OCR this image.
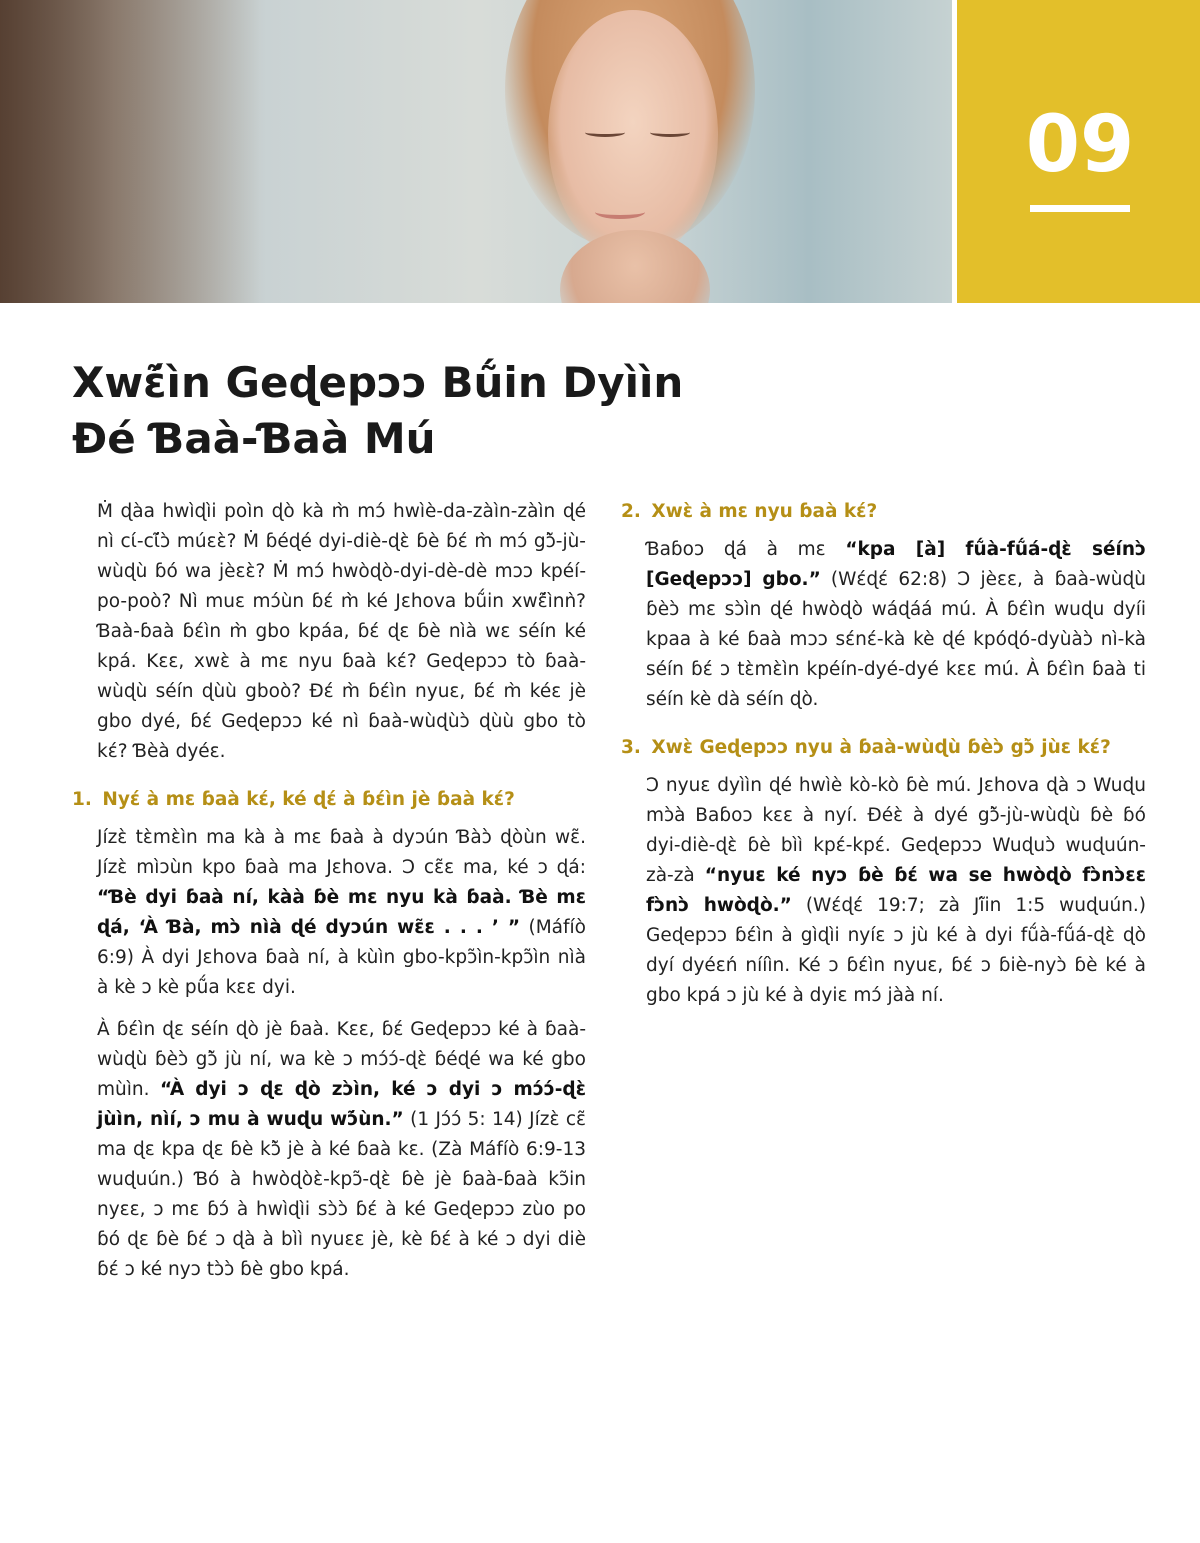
09
Xwɛ̃́ìn Geɖepɔɔ Bṹin Dyììn
Ɖé Ɓaà-Ɓaà Mú

Ṁ ɖàa hwìɖìi poìn ɖò kà m̀ mɔ́ hwìè-da-zàìn-zàìn ɖé nì cɩ́-cɩ̃́ɔ̀ múɛɛ̀? Ṁ ɓéɖé dyi-diè-ɖɛ̀ ɓè ɓɛ́ m̀ mɔ́ gɔ̃̀-jù-wùɖù ɓó wa jèɛɛ̀? Ṁ mɔ́ hwòɖò-dyi-dè-dè mɔɔ kpéí-po-poò? Nì muɛ mɔ́ùn ɓɛ́ m̀ ké Jɛhova bṹin xwɛ̃́ìnǹ? Ɓaà-ɓaà ɓɛ́ìn m̀ gbo kpáa, ɓɛ́ ɖɛ ɓè nìà wɛ séín ké kpá. Kɛɛ, xwɛ̀ à mɛ nyu ɓaà kɛ́? Geɖepɔɔ tò ɓaà-wùɖù séín ɖùù gboò? Ɖɛ́ m̀ ɓɛ́ìn nyuɛ, ɓɛ́ m̀ kéɛ jè gbo dyé, ɓɛ́ Geɖepɔɔ ké nì ɓaà-wùɖùɔ̀ ɖùù gbo tò kɛ́? Ɓèà dyéɛ.

1. Nyɛ́ à mɛ ɓaà kɛ́, ké ɖɛ́ à ɓɛ́ìn jè ɓaà kɛ́?

Jízɛ̀ tɛ̀mɛ̀ìn ma kà à mɛ ɓaà à dyɔún Ɓàɔ̀ ɖòùn wɛ̃. Jízɛ̀ mìɔùn kpo ɓaà ma Jɛhova. Ɔ cɛ̃ɛ ma, ké ɔ ɖá: “Ɓè dyi ɓaà ní, kàà ɓè mɛ nyu kà ɓaà. Ɓè mɛ ɖá, ‘À Ɓà, mɔ̀ nìà ɖé dyɔún wɛ̃ɛ . . . ’ ” (Máfíò 6:9) À dyi Jɛhova ɓaà ní, à kùìn gbo-kpɔ̃ìn-kpɔ̃ìn nìà à kè ɔ kè pṹa kɛɛ dyi.

À ɓɛ́ìn ɖɛ séín ɖò jè ɓaà. Kɛɛ, ɓɛ́ Geɖepɔɔ ké à ɓaà-wùɖù ɓèɔ̀ gɔ̃̀ jù ní, wa kè ɔ mɔ́ɔ́-ɖɛ̀ ɓéɖé wa ké gbo mùìn. “À dyi ɔ ɖɛ ɖò zɔ̀ìn, ké ɔ dyi ɔ mɔ́ɔ́-ɖɛ̀ jùìn, nìí, ɔ mu à wuɖu wɔ̃́ùn.” (1 Jɔ́ɔ́ 5: 14) Jízɛ̀ cɛ̃ ma ɖɛ kpa ɖɛ ɓè kɔ̃̀ jè à ké ɓaà kɛ. (Zà Máfíò 6:9-13 wuɖuún.) Ɓó à hwòɖòɛ̀-kpɔ̃-ɖɛ̀ ɓè jè ɓaà-ɓaà kɔ̃in nyɛɛ, ɔ mɛ ɓɔ́ à hwìɖìi sɔ̀ɔ̀ ɓɛ́ à ké Geɖepɔɔ zùo po ɓó ɖɛ ɓè ɓɛ́ ɔ ɖà à bìì nyuɛɛ jè, kè ɓɛ́ à ké ɔ dyi diè ɓɛ́ ɔ ké nyɔ tɔ̀ɔ̀ ɓè gbo kpá.

2. Xwɛ̀ à mɛ nyu ɓaà kɛ́?

Ɓaɓoɔ ɖá à mɛ “kpa [à] fṹà-fṹá-ɖɛ̀ séínɔ̀ [Geɖepɔɔ] gbo.” (Wɛ́ɖɛ́ 62:8) Ɔ jèɛɛ, à ɓaà-wùɖù ɓèɔ̀ mɛ sɔ̀ìn ɖé hwòɖò wáɖáá mú. À ɓɛ́ìn wuɖu dyíi kpaa à ké ɓaà mɔɔ sɛ́nɛ́-kà kè ɖé kpóɖó-dyùàɔ̀ nì-kà séín ɓɛ́ ɔ tɛ̀mɛ̀ìn kpéín-dyé-dyé kɛɛ mú. À ɓɛ́ìn ɓaà ti séín kè dà séín ɖò.

3. Xwɛ̀ Geɖepɔɔ nyu à ɓaà-wùɖù ɓèɔ̀ gɔ̃̀ jùɛ kɛ́?

Ɔ nyuɛ dyììn ɖé hwìè kò-kò ɓè mú. Jɛhova ɖà ɔ Wuɖu mɔ̀à Baɓoɔ kɛɛ à nyí. Ɖéɛ̀ à dyé gɔ̃̀-jù-wùɖù ɓè ɓó dyi-diè-ɖɛ̀ ɓè bìì kpɛ́-kpɛ́. Geɖepɔɔ Wuɖuɔ̀ wuɖuún-zà-zà “nyuɛ ké nyɔ ɓè ɓɛ́ wa se hwòɖò fɔ̀nɔ̀ɛɛ fɔ̀nɔ̀ hwòɖò.” (Wɛ́ɖɛ́ 19:7; zà Jĩ́in 1:5 wuɖuún.) Geɖepɔɔ ɓɛ́ìn à gìɖìi nyíɛ ɔ jù ké à dyi fṹà-fṹá-ɖɛ̀ ɖò dyí dyéɛń nííìn. Ké ɔ ɓɛ́ìn nyuɛ, ɓɛ́ ɔ ɓiè-nyɔ̀ ɓè ké à gbo kpá ɔ jù ké à dyiɛ mɔ́ jàà ní.
